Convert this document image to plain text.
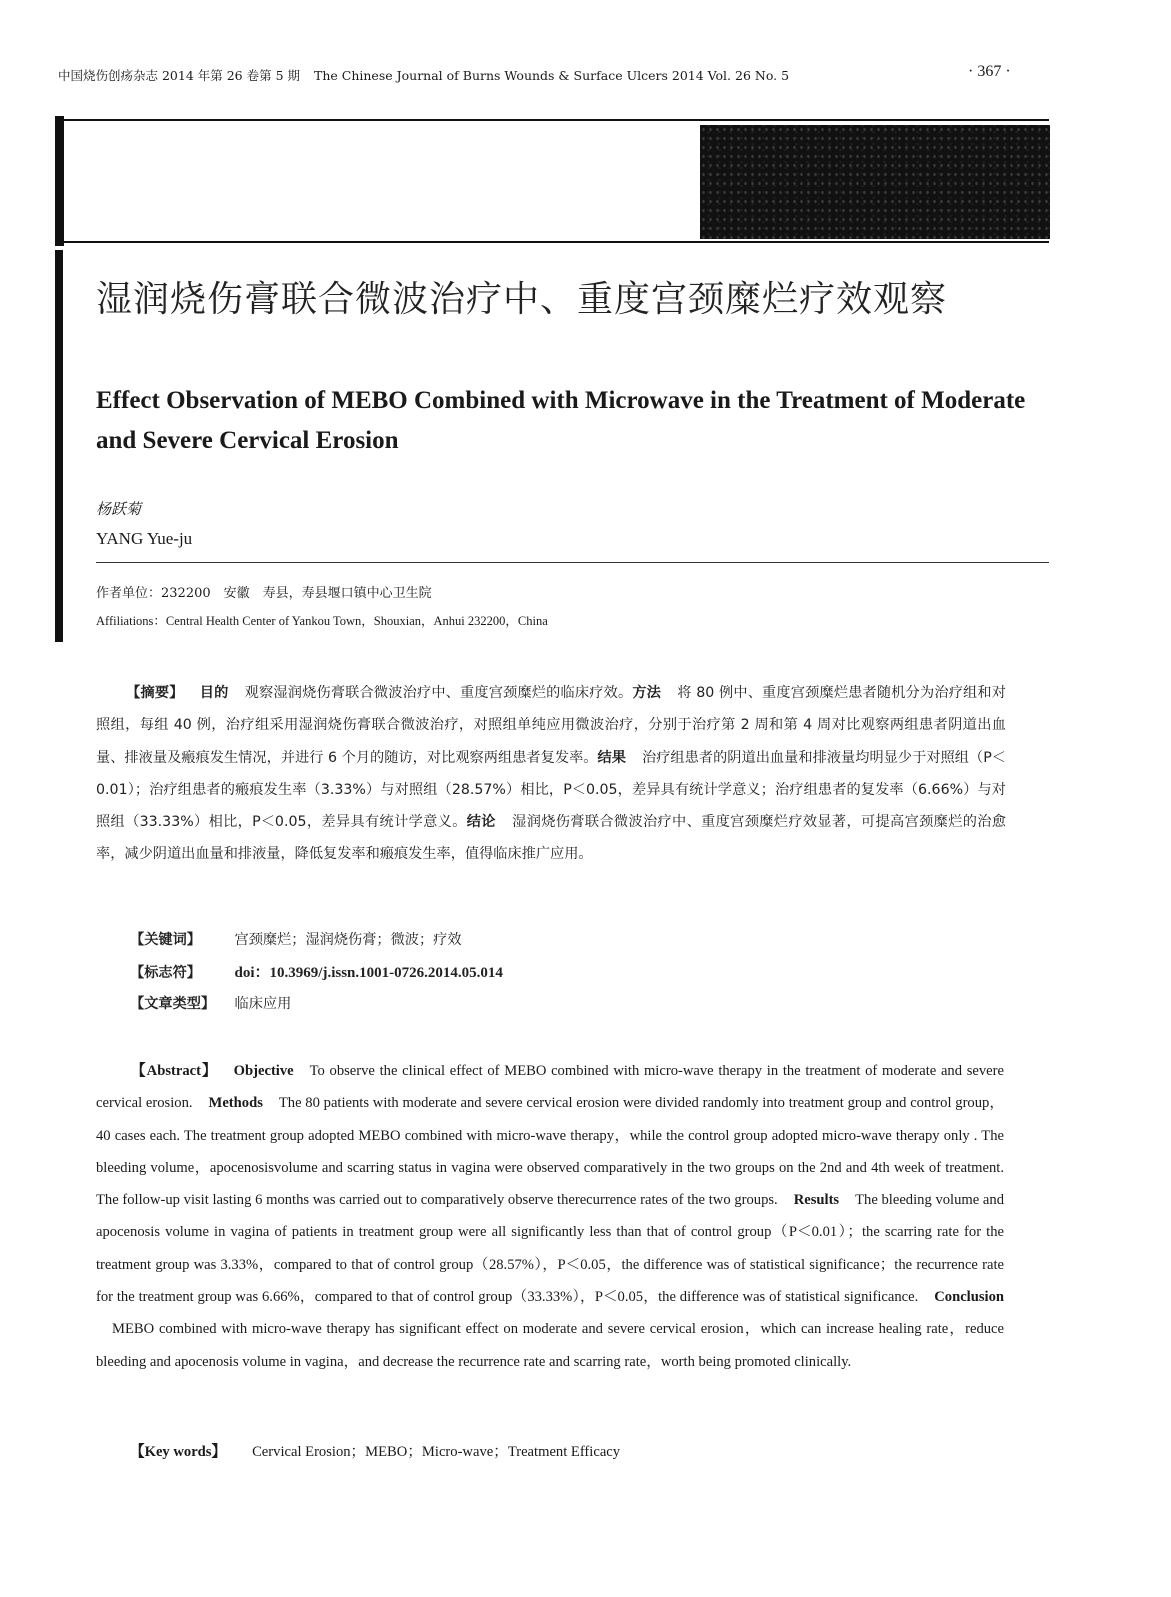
中国烧伤创疡杂志 2014 年第 26 卷第 5 期 The Chinese Journal of Burns Wounds & Surface Ulcers 2014 Vol. 26 No. 5	· 367 ·
湿润烧伤膏联合微波治疗中、重度宫颈糜烂疗效观察
Effect Observation of MEBO Combined with Microwave in the Treatment of Moderate and Severe Cervical Erosion
杨跃菊
YANG Yue-ju
作者单位：232200　安徽　寿县，寿县堰口镇中心卫生院
Affiliations：Central Health Center of Yankou Town，Shouxian，Anhui 232200，China

【摘要】 目的 观察湿润烧伤膏联合微波治疗中、重度宫颈糜烂的临床疗效。方法 将 80 例中、重度宫颈糜烂患者随机分为治疗组和对照组，每组 40 例，治疗组采用湿润烧伤膏联合微波治疗，对照组单纯应用微波治疗，分别于治疗第 2 周和第 4 周对比观察两组患者阴道出血量、排液量及瘢痕发生情况，并进行 6 个月的随访，对比观察两组患者复发率。结果 治疗组患者的阴道出血量和排液量均明显少于对照组（P＜0.01）；治疗组患者的瘢痕发生率（3.33%）与对照组（28.57%）相比，P＜0.05，差异具有统计学意义；治疗组患者的复发率（6.66%）与对照组（33.33%）相比，P＜0.05，差异具有统计学意义。结论 湿润烧伤膏联合微波治疗中、重度宫颈糜烂疗效显著，可提高宫颈糜烂的治愈率，减少阴道出血量和排液量，降低复发率和瘢痕发生率，值得临床推广应用。

【关键词】 宫颈糜烂；湿润烧伤膏；微波；疗效
【标志符】 doi：10.3969/j.issn.1001-0726.2014.05.014
【文章类型】 临床应用

【Abstract】 Objective To observe the clinical effect of MEBO combined with micro-wave therapy in the treatment of moderate and severe cervical erosion. Methods The 80 patients with moderate and severe cervical erosion were divided randomly into treatment group and control group，40 cases each. The treatment group adopted MEBO combined with micro-wave therapy，while the control group adopted micro-wave therapy only . The bleeding volume，apocenosisvolume and scarring status in vagina were observed comparatively in the two groups on the 2nd and 4th week of treatment. The follow-up visit lasting 6 months was carried out to comparatively observe therecurrence rates of the two groups. Results The bleeding volume and apocenosis volume in vagina of patients in treatment group were all significantly less than that of control group（P＜0.01）；the scarring rate for the treatment group was 3.33%，compared to that of control group（28.57%），P＜0.05，the difference was of statistical significance；the recurrence rate for the treatment group was 6.66%，compared to that of control group（33.33%），P＜0.05，the difference was of statistical significance. ConclusionMEBO combined with micro-wave therapy has significant effect on moderate and severe cervical erosion，which can increase healing rate，reduce bleeding and apocenosis volume in vagina，and decrease the recurrence rate and scarring rate，worth being promoted clinically.

【Key words】 Cervical Erosion；MEBO；Micro-wave；Treatment Efficacy
